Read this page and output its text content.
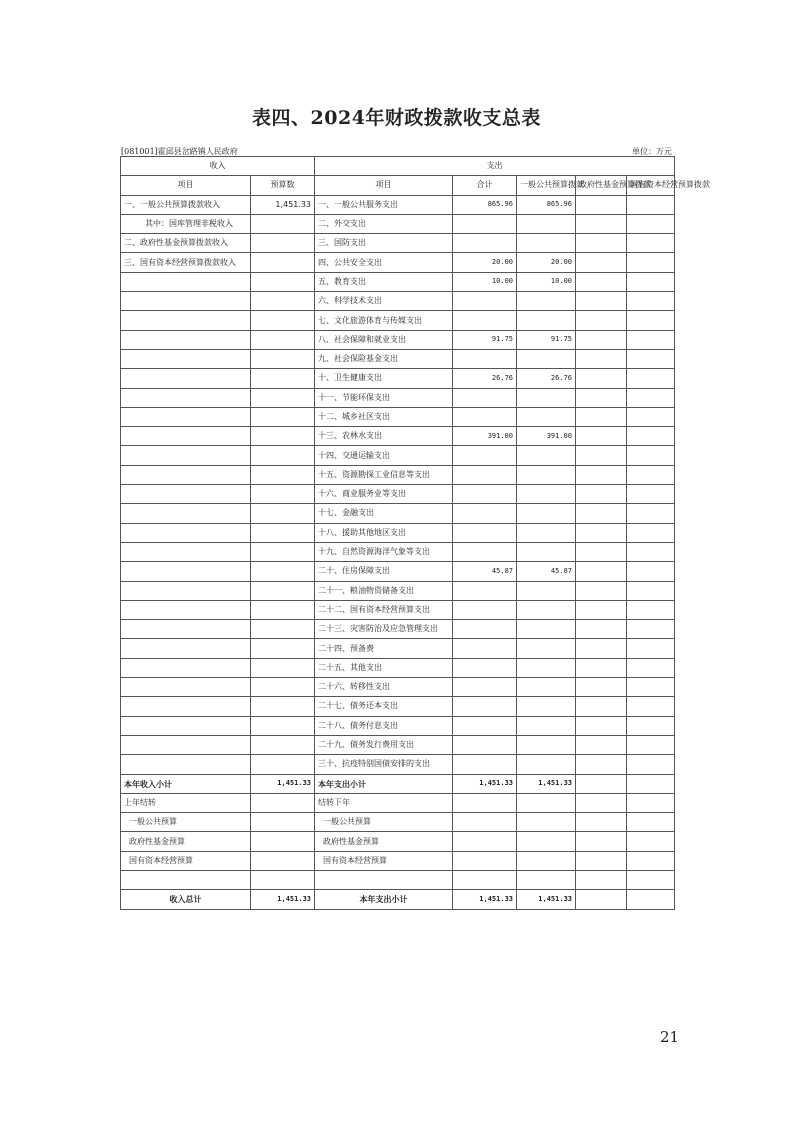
表四、2024年财政拨款收支总表
[081001]霍邱县岔路镇人民政府	单位：万元
收入		支出				
项目	预算数	项目	合计	一般公共预算拨款	政府性基金预算拨款	国有资本经营预算拨款
一、一般公共预算拨款收入	1,451.33	一、一般公共服务支出	865.96	865.96		
其中：国库管理非税收入		二、外交支出				
二、政府性基金预算拨款收入		三、国防支出				
三、国有资本经营预算拨款收入		四、公共安全支出	20.00	20.00		
		五、教育支出	10.00	10.00		
		六、科学技术支出				
		七、文化旅游体育与传媒支出				
		八、社会保障和就业支出	91.75	91.75		
		九、社会保险基金支出				
		十、卫生健康支出	26.76	26.76		
		十一、节能环保支出				
		十二、城乡社区支出				
		十三、农林水支出	391.00	391.00		
		十四、交通运输支出				
		十五、资源勘探工业信息等支出				
		十六、商业服务业等支出				
		十七、金融支出				
		十八、援助其他地区支出				
		十九、自然资源海洋气象等支出				
		二十、住房保障支出	45.87	45.87		
		二十一、粮油物资储备支出				
		二十二、国有资本经营预算支出				
		二十三、灾害防治及应急管理支出				
		二十四、预备费				
		二十五、其他支出				
		二十六、转移性支出				
		二十七、债务还本支出				
		二十八、债务付息支出				
		二十九、债务发行费用支出				
		三十、抗疫特别国债安排的支出				
本年收入小计	1,451.33	本年支出小计	1,451.33	1,451.33		
上年结转		结转下年				
一般公共预算		一般公共预算				
政府性基金预算		政府性基金预算				
国有资本经营预算		国有资本经营预算				

收入总计	1,451.33	本年支出小计	1,451.33	1,451.33		
21
